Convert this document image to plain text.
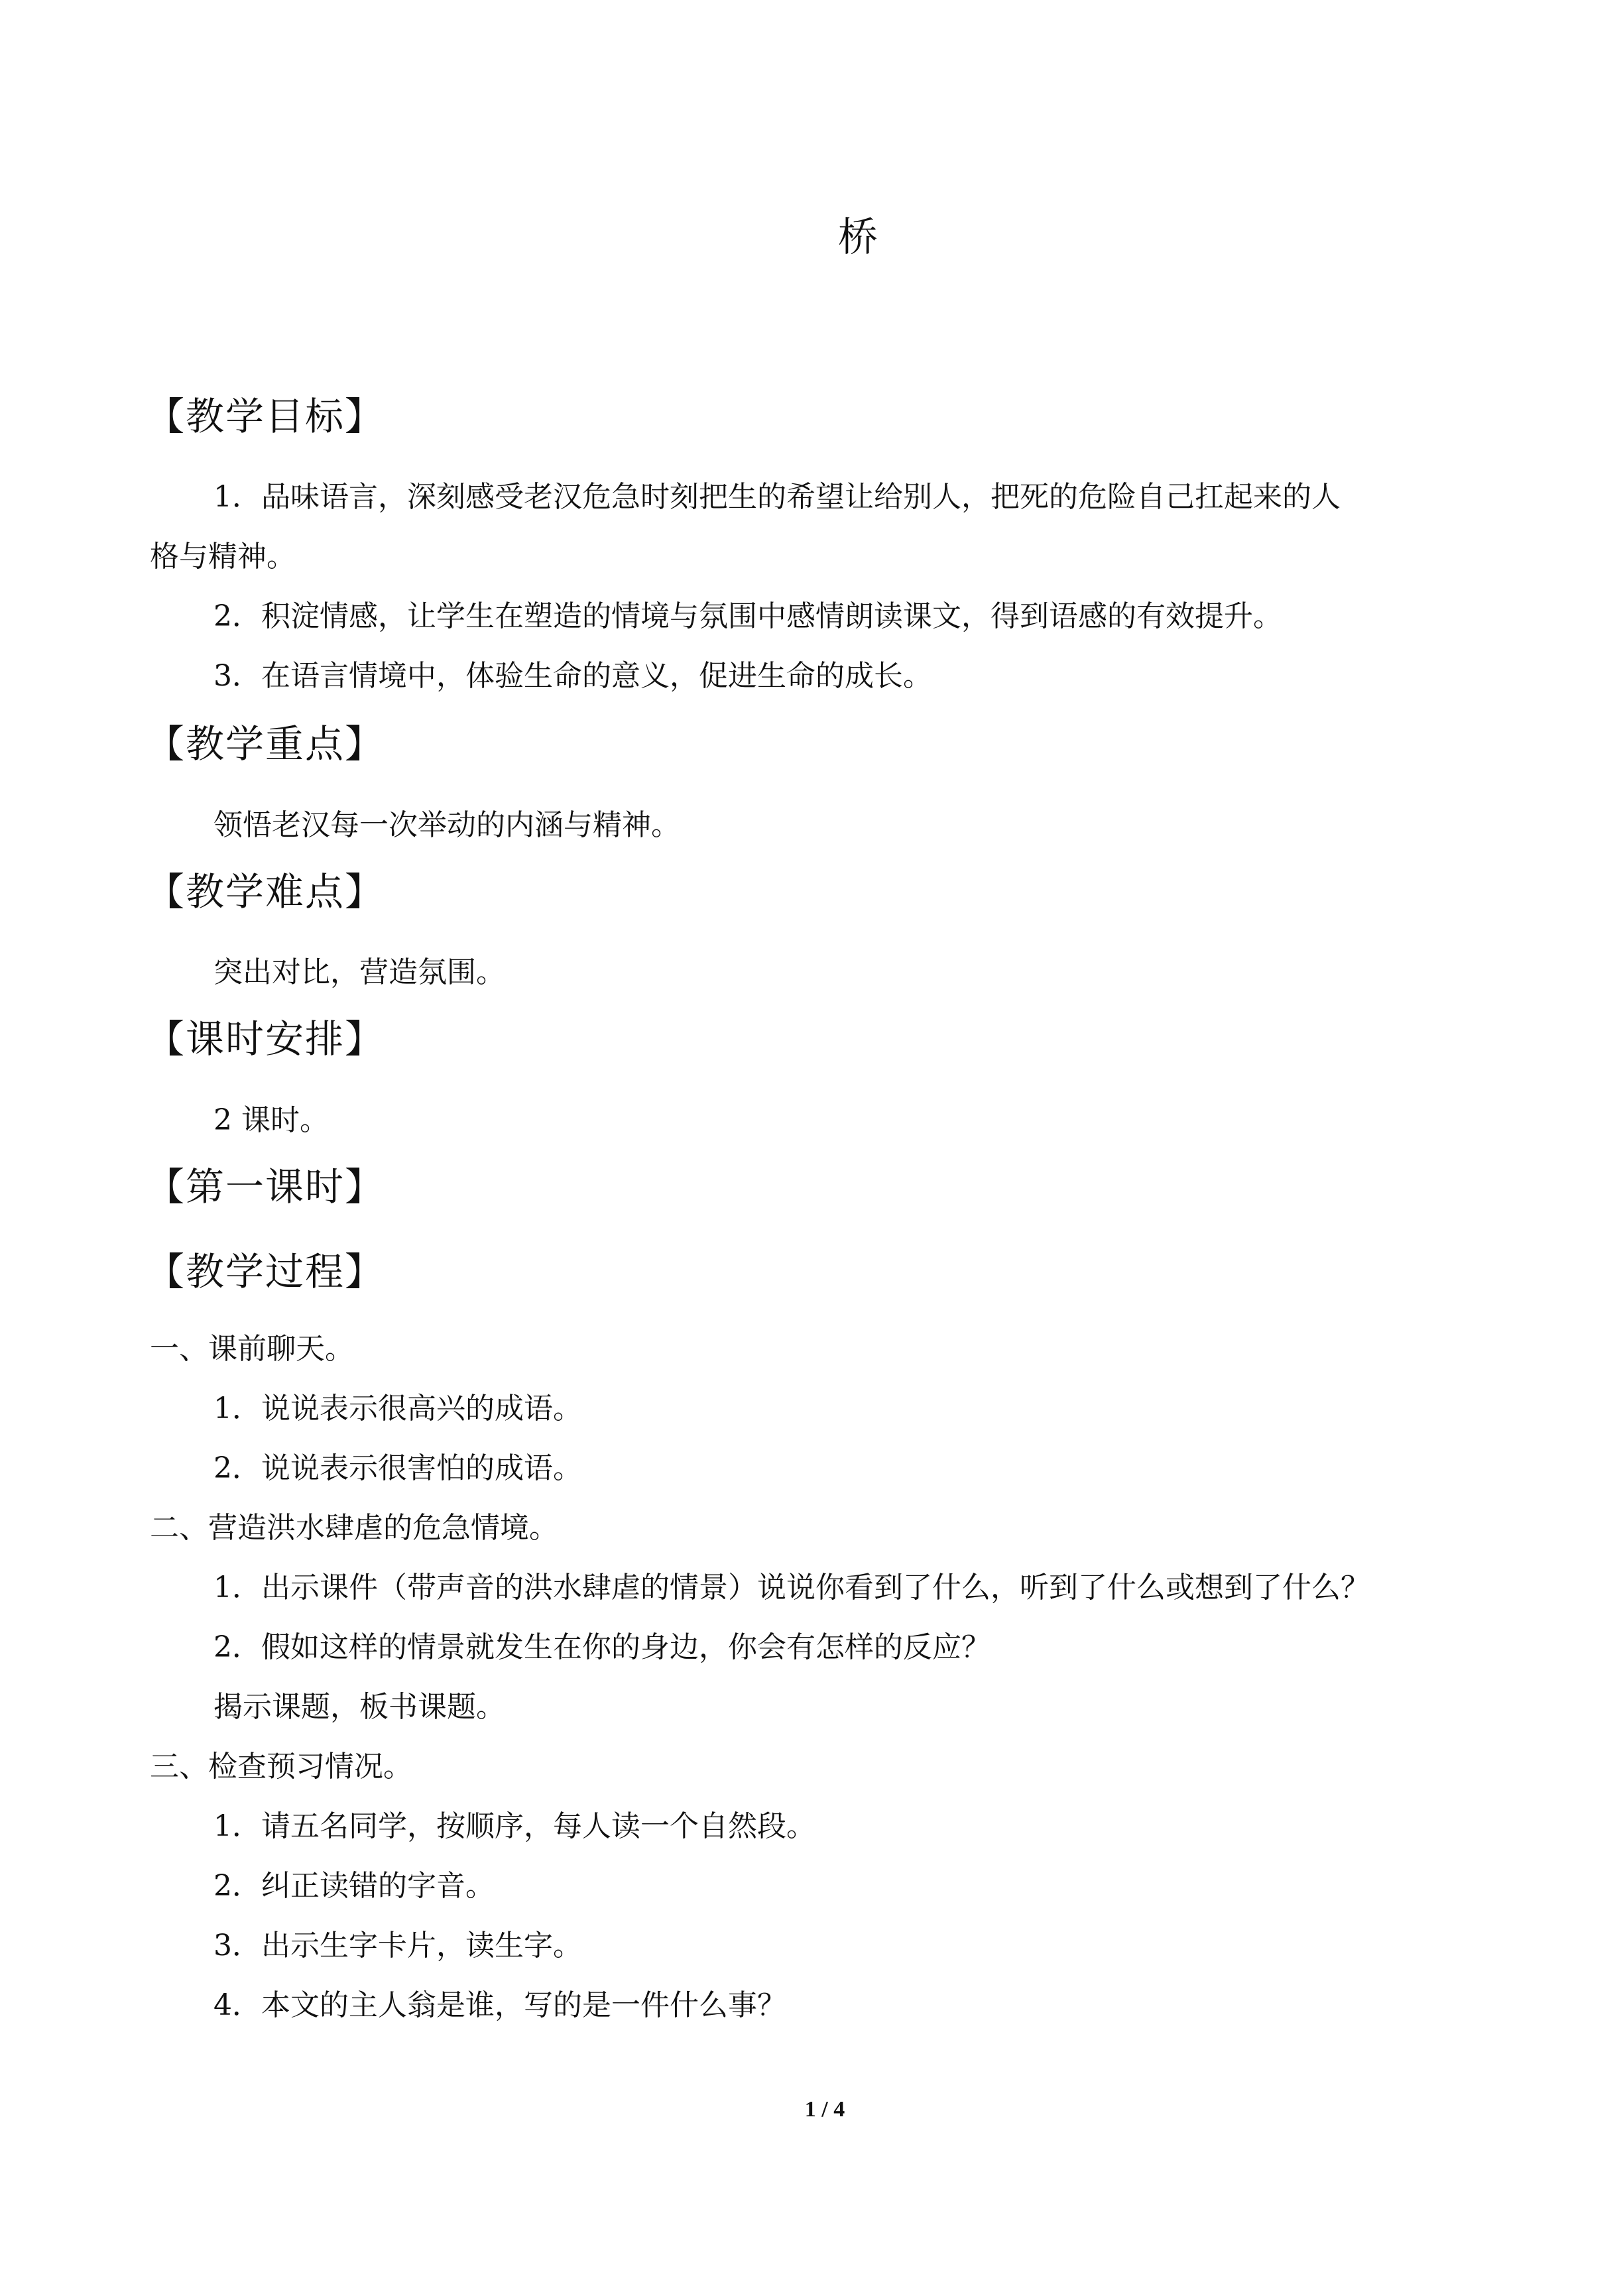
桥
【教学目标】
1．品味语言，深刻感受老汉危急时刻把生的希望让给别人，把死的危险自己扛起来的人
格与精神。
2．积淀情感，让学生在塑造的情境与氛围中感情朗读课文，得到语感的有效提升。
3．在语言情境中，体验生命的意义，促进生命的成长。
【教学重点】
领悟老汉每一次举动的内涵与精神。
【教学难点】
突出对比，营造氛围。
【课时安排】
2 课时。
【第一课时】
【教学过程】
一、课前聊天。
1．说说表示很高兴的成语。
2．说说表示很害怕的成语。
二、营造洪水肆虐的危急情境。
1．出示课件（带声音的洪水肆虐的情景）说说你看到了什么，听到了什么或想到了什么？
2．假如这样的情景就发生在你的身边，你会有怎样的反应？
揭示课题，板书课题。
三、检查预习情况。
1．请五名同学，按顺序，每人读一个自然段。
2．纠正读错的字音。
3．出示生字卡片，读生字。
4．本文的主人翁是谁，写的是一件什么事？
1 / 4
